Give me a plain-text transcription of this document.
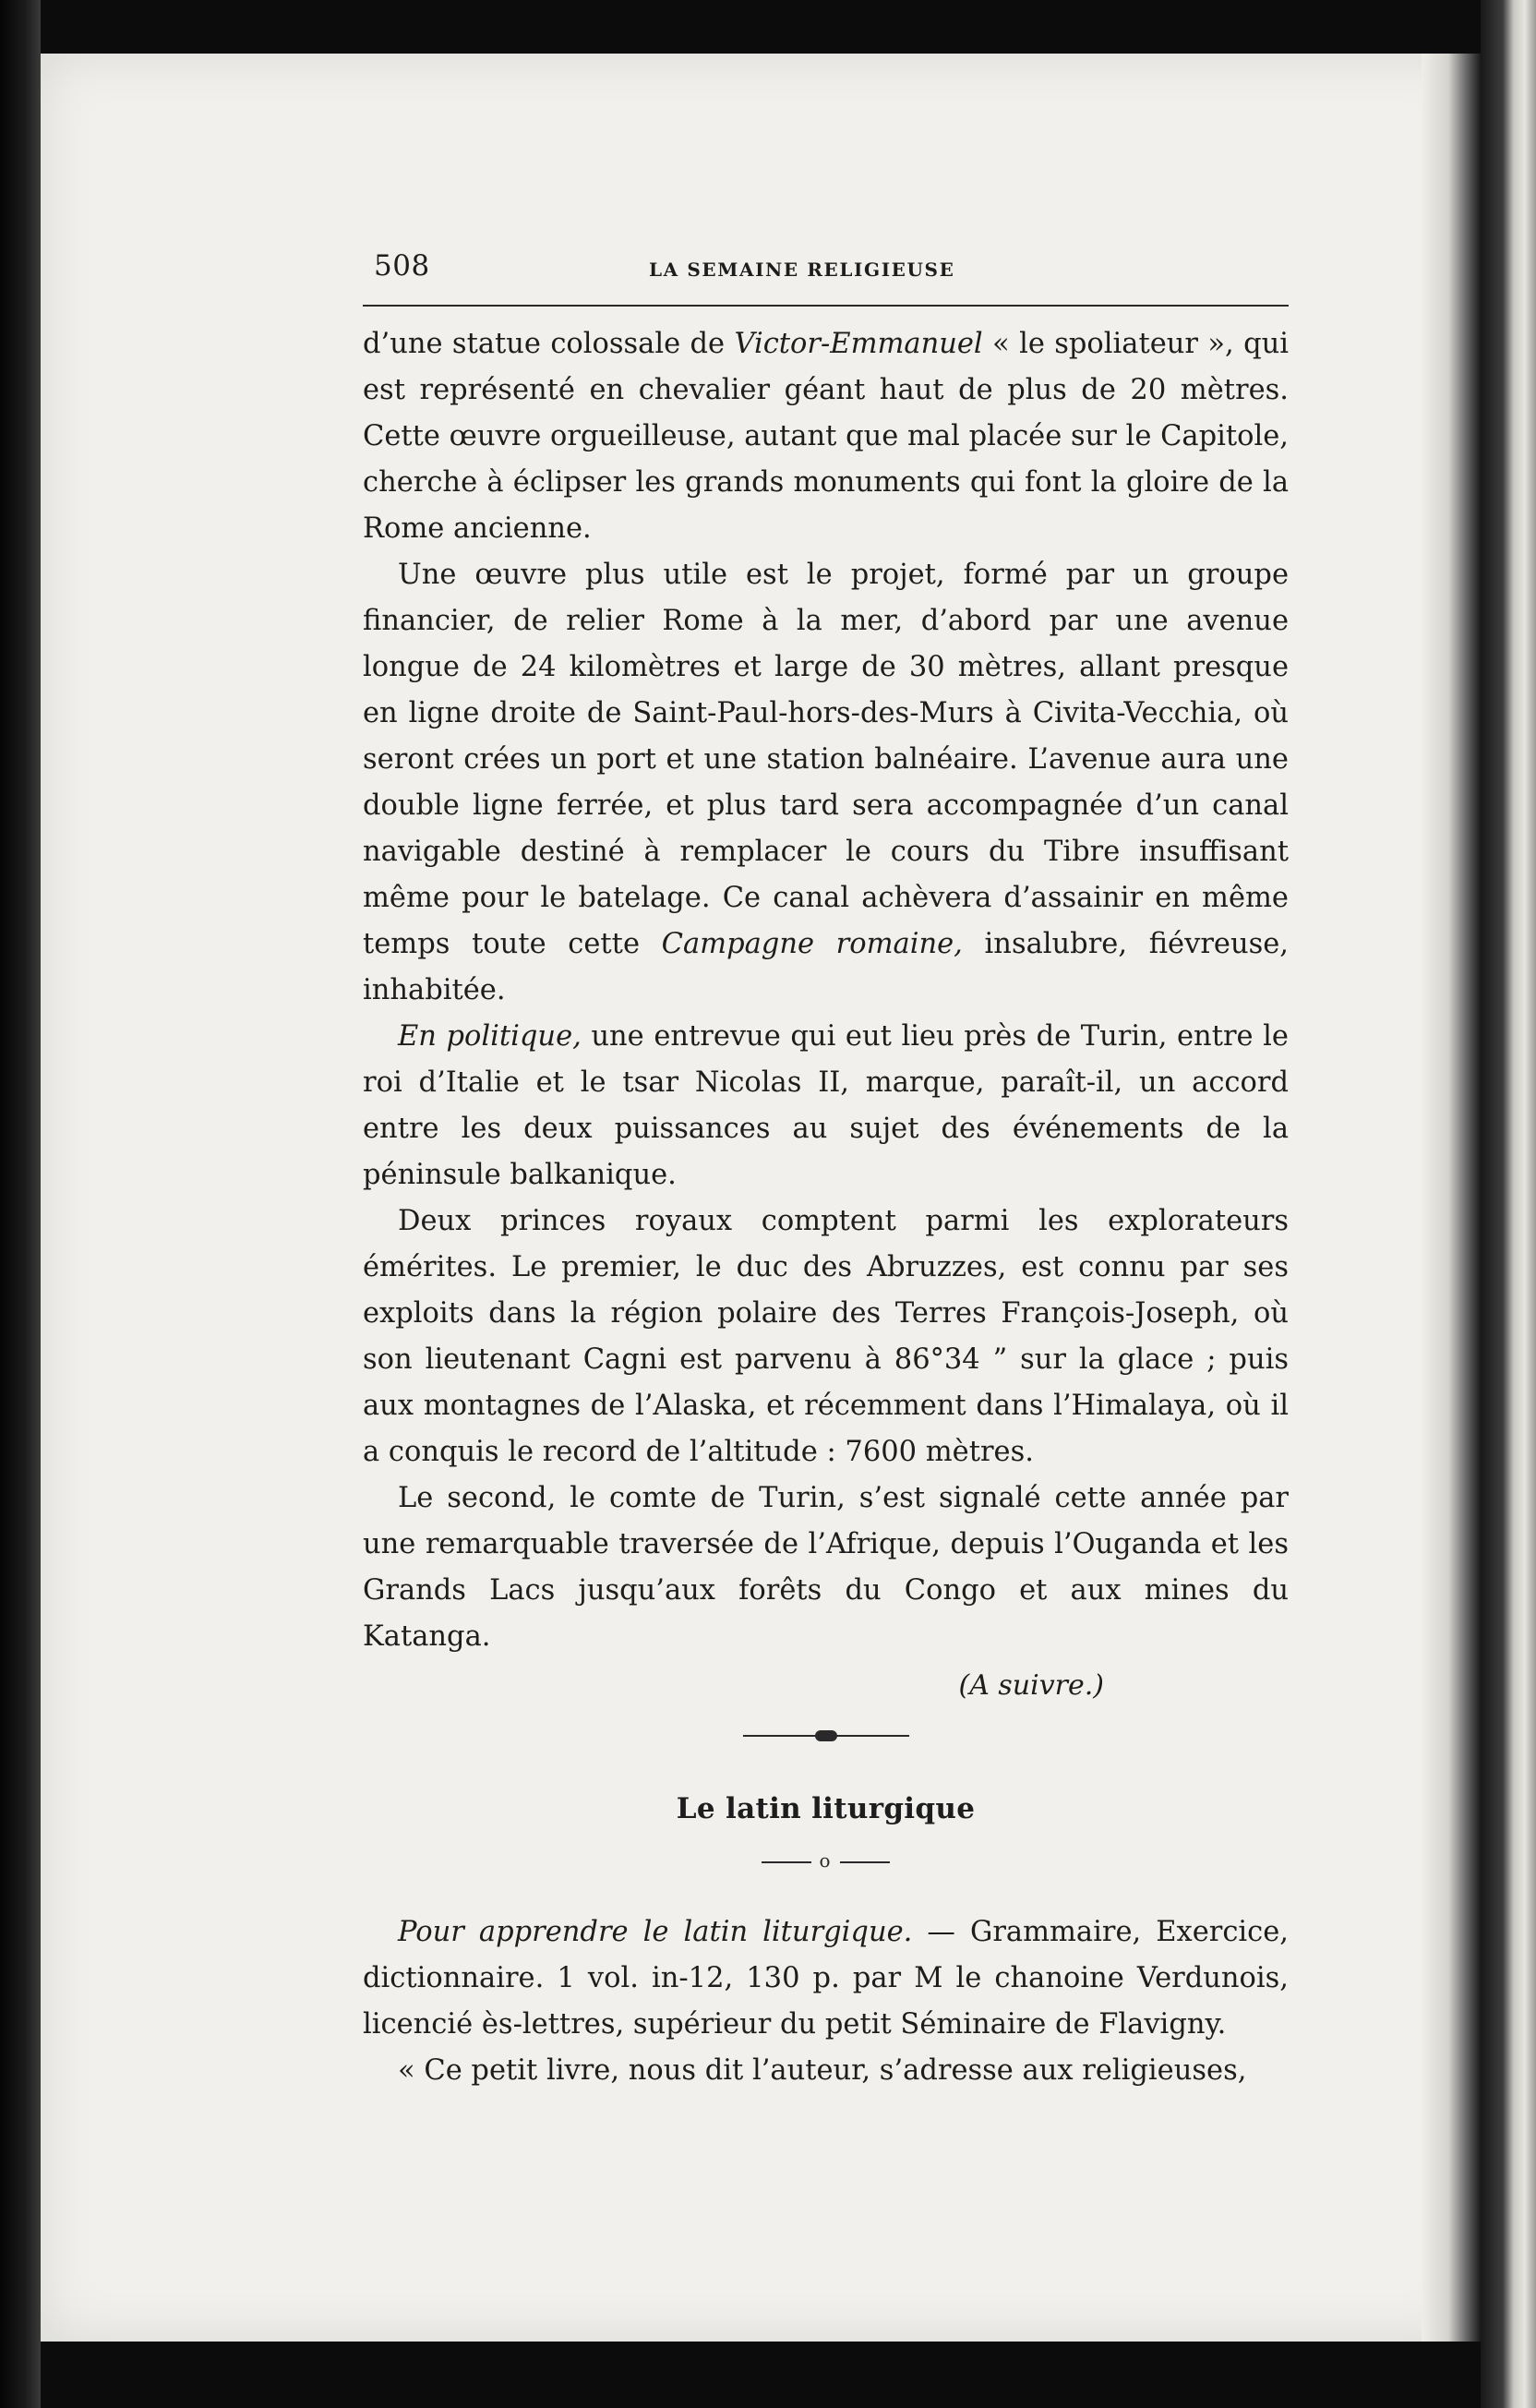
508	LA SEMAINE RELIGIEUSE

d’une statue colossale de Victor-Emmanuel « le spoliateur », qui est représenté en chevalier géant haut de plus de 20 mètres. Cette œuvre orgueilleuse, autant que mal placée sur le Capitole, cherche à éclipser les grands monuments qui font la gloire de la Rome ancienne.

Une œuvre plus utile est le projet, formé par un groupe financier, de relier Rome à la mer, d’abord par une avenue longue de 24 kilomètres et large de 30 mètres, allant presque en ligne droite de Saint-Paul-hors-des-Murs à Civita-Vecchia, où seront crées un port et une station balnéaire. L’avenue aura une double ligne ferrée, et plus tard sera accompagnée d’un canal navigable destiné à remplacer le cours du Tibre insuffisant même pour le batelage. Ce canal achèvera d’assainir en même temps toute cette Campagne romaine, insalubre, fiévreuse, inhabitée.

En politique, une entrevue qui eut lieu près de Turin, entre le roi d’Italie et le tsar Nicolas II, marque, paraît-il, un accord entre les deux puissances au sujet des événements de la péninsule balkanique.

Deux princes royaux comptent parmi les explorateurs émérites. Le premier, le duc des Abruzzes, est connu par ses exploits dans la région polaire des Terres François-Joseph, où son lieutenant Cagni est parvenu à 86°34 ” sur la glace ; puis aux montagnes de l’Alaska, et récemment dans l’Himalaya, où il a conquis le record de l’altitude : 7600 mètres.

Le second, le comte de Turin, s’est signalé cette année par une remarquable traversée de l’Afrique, depuis l’Ouganda et les Grands Lacs jusqu’aux forêts du Congo et aux mines du Katanga.

(A suivre.)
Le latin liturgique
o

Pour apprendre le latin liturgique. — Grammaire, Exercice, dictionnaire. 1 vol. in-12, 130 p. par M le chanoine Verdunois, licencié ès-lettres, supérieur du petit Séminaire de Flavigny.

« Ce petit livre, nous dit l’auteur, s’adresse aux religieuses,
